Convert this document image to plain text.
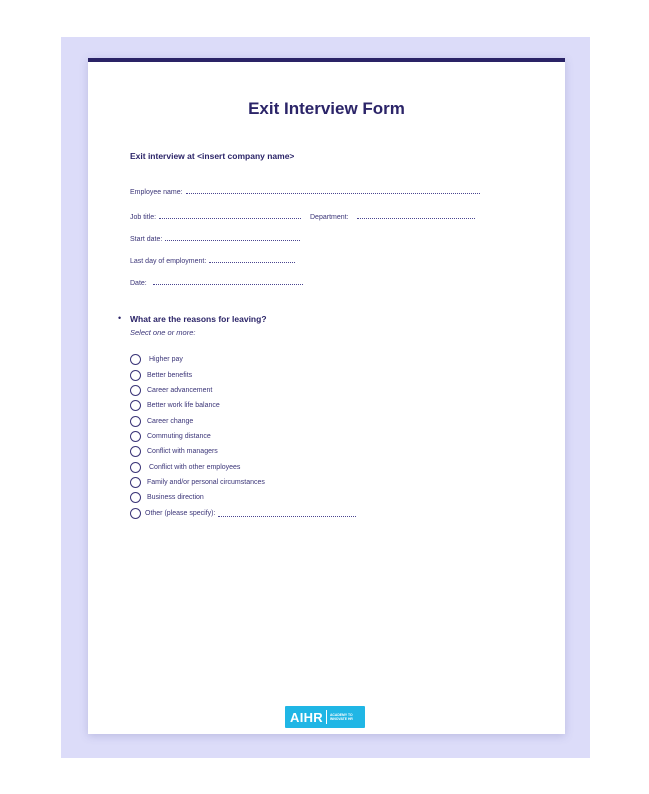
Exit Interview Form
Exit interview at <insert company name>
Employee name:
Job title:	Department:
Start date:
Last day of employment:
Date:
• What are the reasons for leaving?
Select one or more:
Higher pay
Better benefits
Career advancement
Better work life balance
Career change
Commuting distance
Conflict with managers
Conflict with other employees
Family and/or personal circumstances
Business direction
Other (please specify):
AIHR ACADEMY TO
INNOVATE HR
